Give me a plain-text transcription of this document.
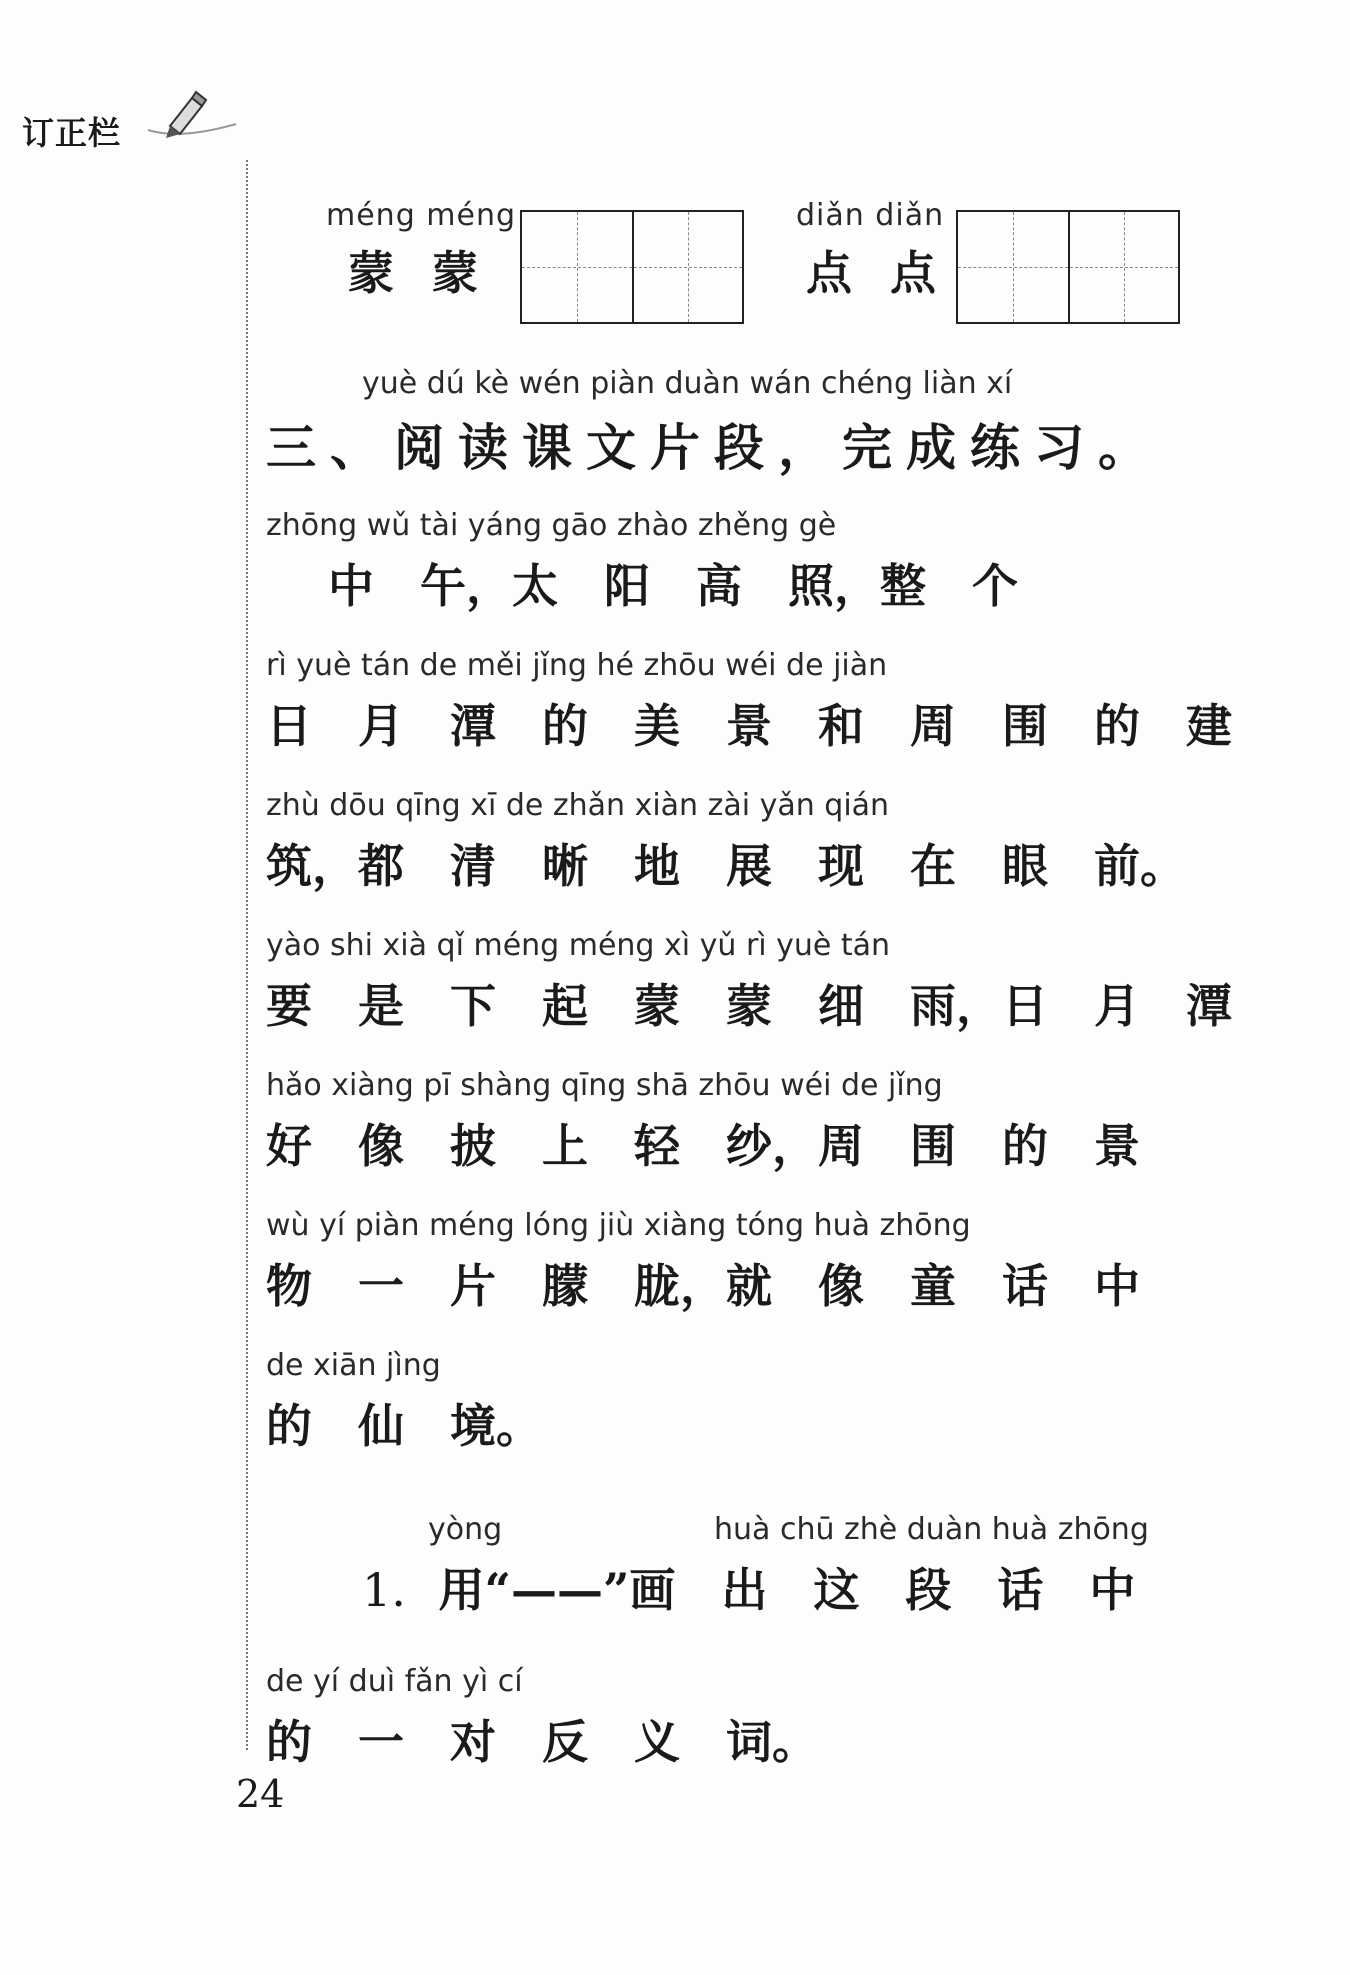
订正栏
méng méng
蒙蒙
diǎn diǎn
点点
yuè dú kè wén piàn duàn wán chéng liàn xí
三、阅读课文片段，完成练习。
zhōng wǔ tài yáng gāo zhào zhěng gè
　 中　午，太　阳　高　照，整　个
rì yuè tán de měi jǐng hé zhōu wéi de jiàn
日　月　潭　的　美　景　和　周　围　的　建
zhù dōu qīng xī de zhǎn xiàn zài yǎn qián
筑，都　清　晰　地　展　现　在　眼　前。
yào shi xià qǐ méng méng xì yǔ rì yuè tán
要　是　下　起　蒙　蒙　细　雨，日　月　潭
hǎo xiàng pī shàng qīng shā zhōu wéi de jǐng
好　像　披　上　轻　纱，周　围　的　景
wù yí piàn méng lóng jiù xiàng tóng huà zhōng
物　一　片　朦　胧，就　像　童　话　中
de xiān jìng
的　仙　境。
yòng	huà chū zhè duàn huà zhōng
1. 用“——”画　出　这　段　话　中
de yí duì fǎn yì cí
的　一　对　反　义　词。
24
